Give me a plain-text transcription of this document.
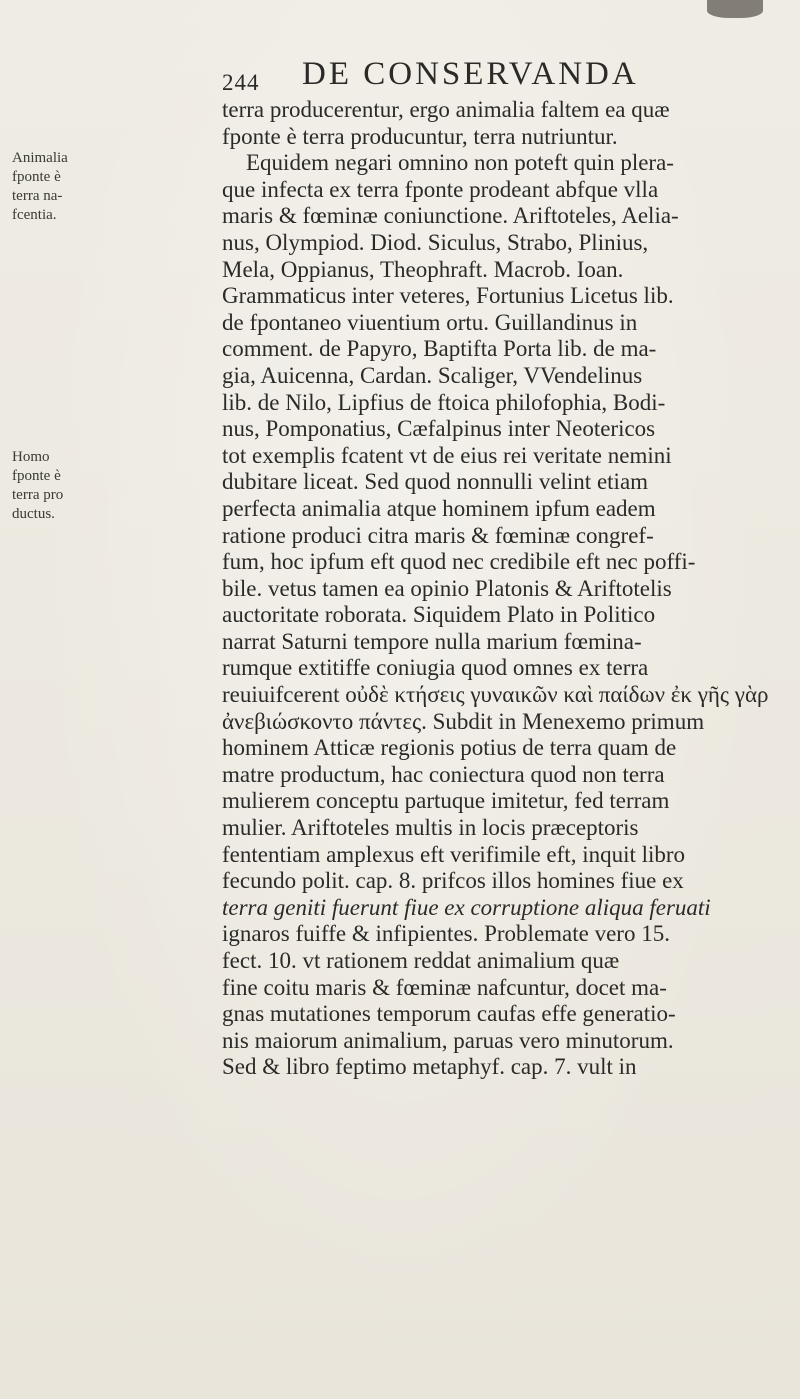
244 DE CONSERVANDA
Animalia
fponte è
terra na-
fcentia.
Homo
fponte è
terra pro
ductus.
terra producerentur, ergo animalia faltem ea quæ
fponte è terra producuntur, terra nutriuntur.
Equidem negari omnino non poteft quin plera-
que infecta ex terra fponte prodeant abfque vlla
maris & fœminæ coniunctione. Ariftoteles, Aelia-
nus, Olympiod. Diod. Siculus, Strabo, Plinius,
Mela, Oppianus, Theophraft. Macrob. Ioan.
Grammaticus inter veteres, Fortunius Licetus lib.
de fpontaneo viuentium ortu. Guillandinus in
comment. de Papyro, Baptifta Porta lib. de ma-
gia, Auicenna, Cardan. Scaliger, VVendelinus
lib. de Nilo, Lipfius de ftoica philofophia, Bodi-
nus, Pomponatius, Cæfalpinus inter Neotericos
tot exemplis fcatent vt de eius rei veritate nemini
dubitare liceat. Sed quod nonnulli velint etiam
perfecta animalia atque hominem ipfum eadem
ratione produci citra maris & fœminæ congref-
fum, hoc ipfum eft quod nec credibile eft nec poffi-
bile. vetus tamen ea opinio Platonis & Ariftotelis
auctoritate roborata. Siquidem Plato in Politico
narrat Saturni tempore nulla marium fœmina-
rumque extitiffe coniugia quod omnes ex terra
reuiuifcerent οὐδὲ κτήσεις γυναικῶν καὶ παίδων ἐκ γῆς γὰρ
ἀνεβιώσκοντο πάντες. Subdit in Menexemo primum
hominem Atticæ regionis potius de terra quam de
matre productum, hac coniectura quod non terra
mulierem conceptu partuque imitetur, fed terram
mulier. Ariftoteles multis in locis præceptoris
fententiam amplexus eft verifimile eft, inquit libro
fecundo polit. cap. 8. prifcos illos homines fiue ex
terra geniti fuerunt fiue ex corruptione aliqua feruati
ignaros fuiffe & infipientes. Problemate vero 15.
fect. 10. vt rationem reddat animalium quæ
fine coitu maris & fœminæ nafcuntur, docet ma-
gnas mutationes temporum caufas effe generatio-
nis maiorum animalium, paruas vero minutorum.
Sed & libro feptimo metaphyf. cap. 7. vult in
